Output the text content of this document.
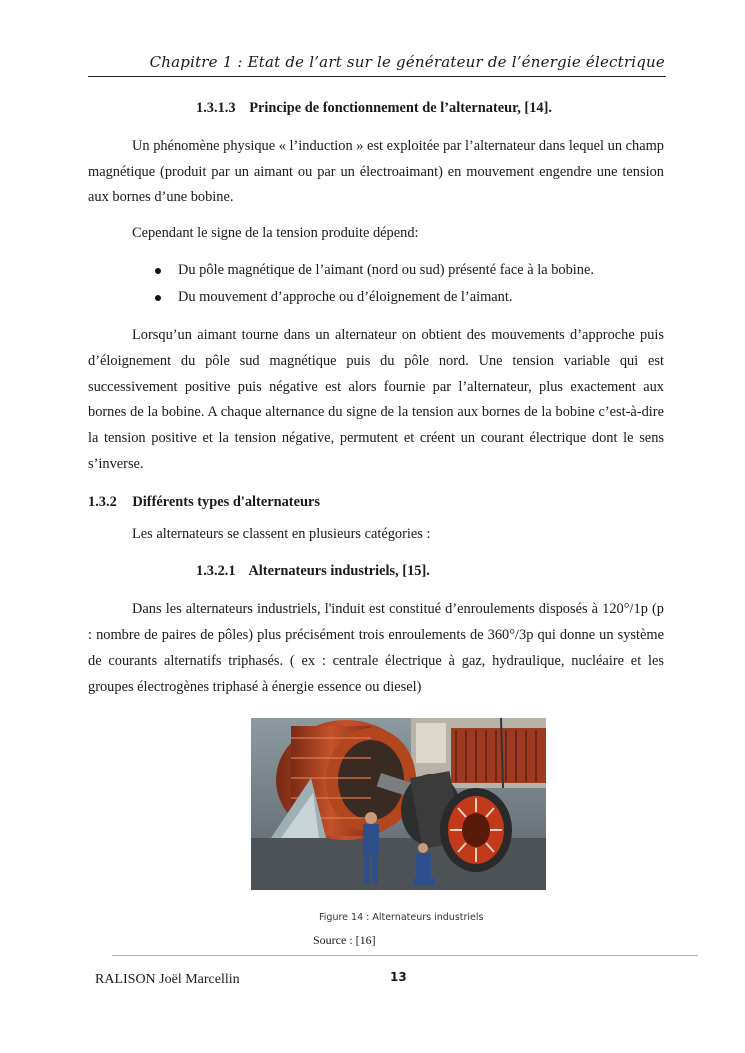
Chapitre 1 : Etat de l’art sur le générateur de l’énergie électrique
1.3.1.3 Principe de fonctionnement de l’alternateur, [14].

Un phénomène physique « l’induction » est exploitée par l’alternateur dans lequel un champ magnétique (produit par un aimant ou par un électroaimant) en mouvement engendre une tension aux bornes d’une bobine.

Cependant le signe de la tension produite dépend:

Du pôle magnétique de l’aimant (nord ou sud) présenté face à la bobine.
Du mouvement d’approche ou d’éloignement de l’aimant.

Lorsqu’un aimant tourne dans un alternateur on obtient des mouvements d’approche puis d’éloignement du pôle sud magnétique puis du pôle nord. Une tension variable qui est successivement positive puis négative est alors fournie par l’alternateur, plus exactement aux bornes de la bobine. A chaque alternance du signe de la tension aux bornes de la bobine c’est-à-dire la tension positive et la tension négative, permutent et créent un courant électrique dont le sens s’inverse.

1.3.2 Différents types d'alternateurs

Les alternateurs se classent en plusieurs catégories :

1.3.2.1 Alternateurs industriels, [15].

Dans les alternateurs industriels, l'induit est constitué d’enroulements disposés à 120°/1p (p : nombre de paires de pôles) plus précisément trois enroulements de 360°/3p qui donne un système de courants alternatifs triphasés. ( ex : centrale électrique à gaz, hydraulique, nucléaire et les groupes électrogènes triphasé à énergie essence ou diesel)

Figure 14 : Alternateurs industriels
Source : [16]
RALISON Joël Marcellin	13
